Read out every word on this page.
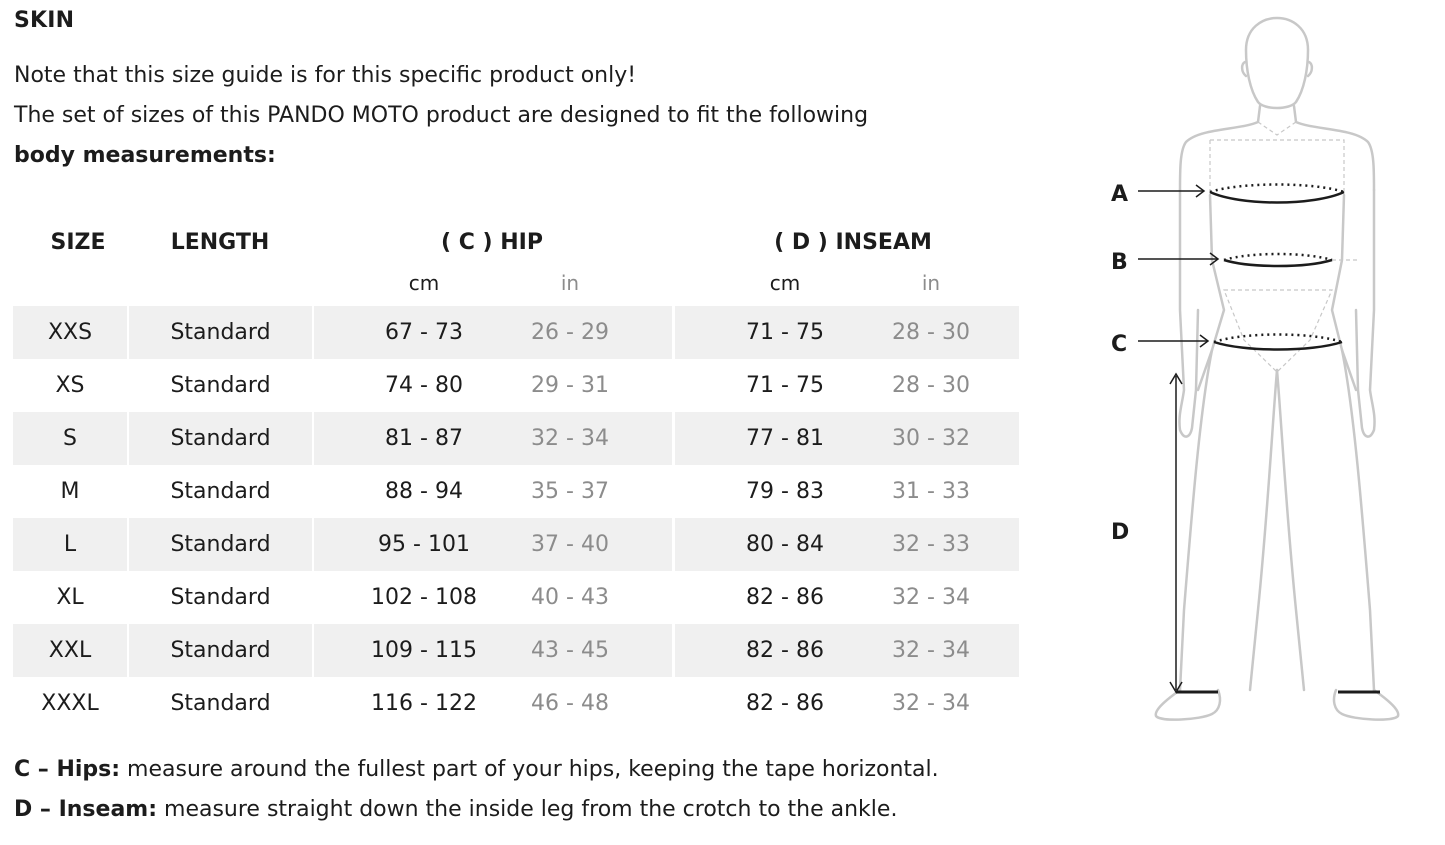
SKIN
Note that this size guide is for this specific product only!
The set of sizes of this PANDO MOTO product are designed to fit the following
body measurements:
SIZE	LENGTH	( C ) HIP	( D ) INSEAM
cm	in	cm	in
XXS	Standard	67 - 73	26 - 29	71 - 75	28 - 30
XS	Standard	74 - 80	29 - 31	71 - 75	28 - 30
S	Standard	81 - 87	32 - 34	77 - 81	30 - 32
M	Standard	88 - 94	35 - 37	79 - 83	31 - 33
L	Standard	95 - 101	37 - 40	80 - 84	32 - 33
XL	Standard	102 - 108	40 - 43	82 - 86	32 - 34
XXL	Standard	109 - 115	43 - 45	82 - 86	32 - 34
XXXL	Standard	116 - 122	46 - 48	82 - 86	32 - 34
C – Hips: measure around the fullest part of your hips, keeping the tape horizontal.
D – Inseam: measure straight down the inside leg from the crotch to the ankle.
A
B
C
D
